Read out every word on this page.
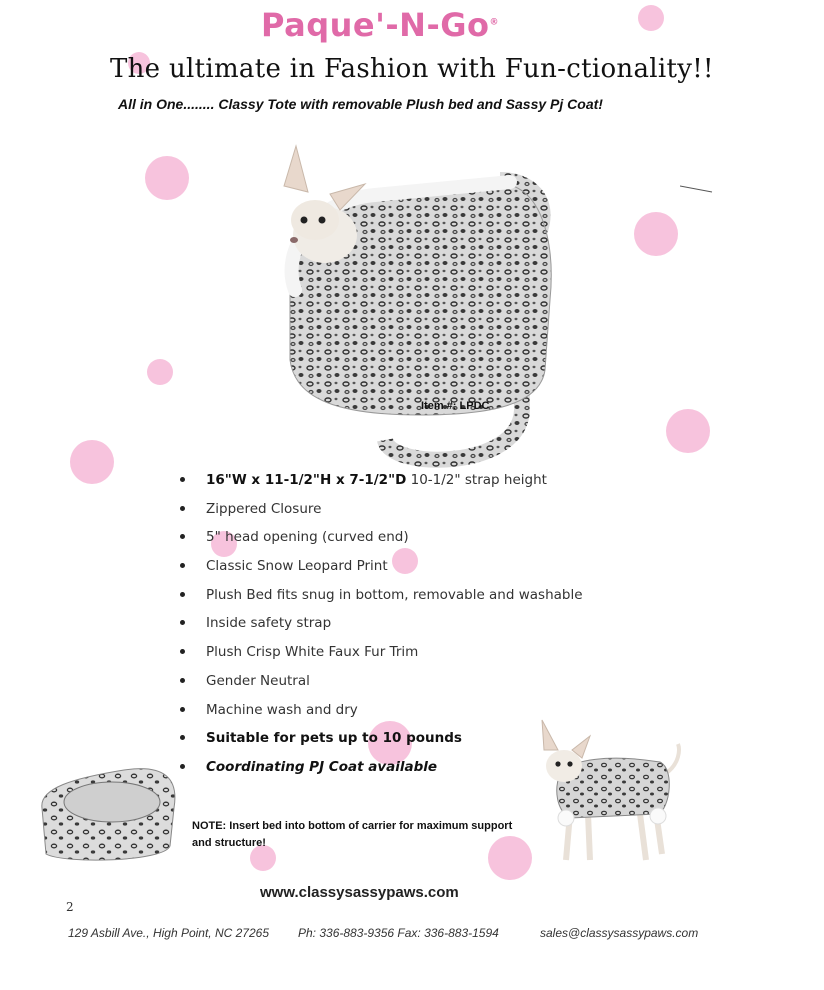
Paque'-N-Go®
The ultimate in Fashion with Fun-ctionality!!
All in One........ Classy Tote with removable Plush bed and Sassy Pj Coat!
Item #: LPDC
16"W x 11-1/2"H x 7-1/2"D 10-1/2" strap height
Zippered Closure
5" head opening (curved end)
Classic Snow Leopard Print
Plush Bed fits snug in bottom, removable and washable
Inside safety strap
Plush Crisp White Faux Fur Trim
Gender Neutral
Machine wash and dry
Suitable for pets up to 10 pounds
Coordinating PJ Coat available
NOTE: Insert bed into bottom of carrier for maximum support and structure!
www.classysassypaws.com
2
129 Asbill Ave., High Point, NC 27265 Ph: 336-883-9356 Fax: 336-883-1594	sales@classysassypaws.com
